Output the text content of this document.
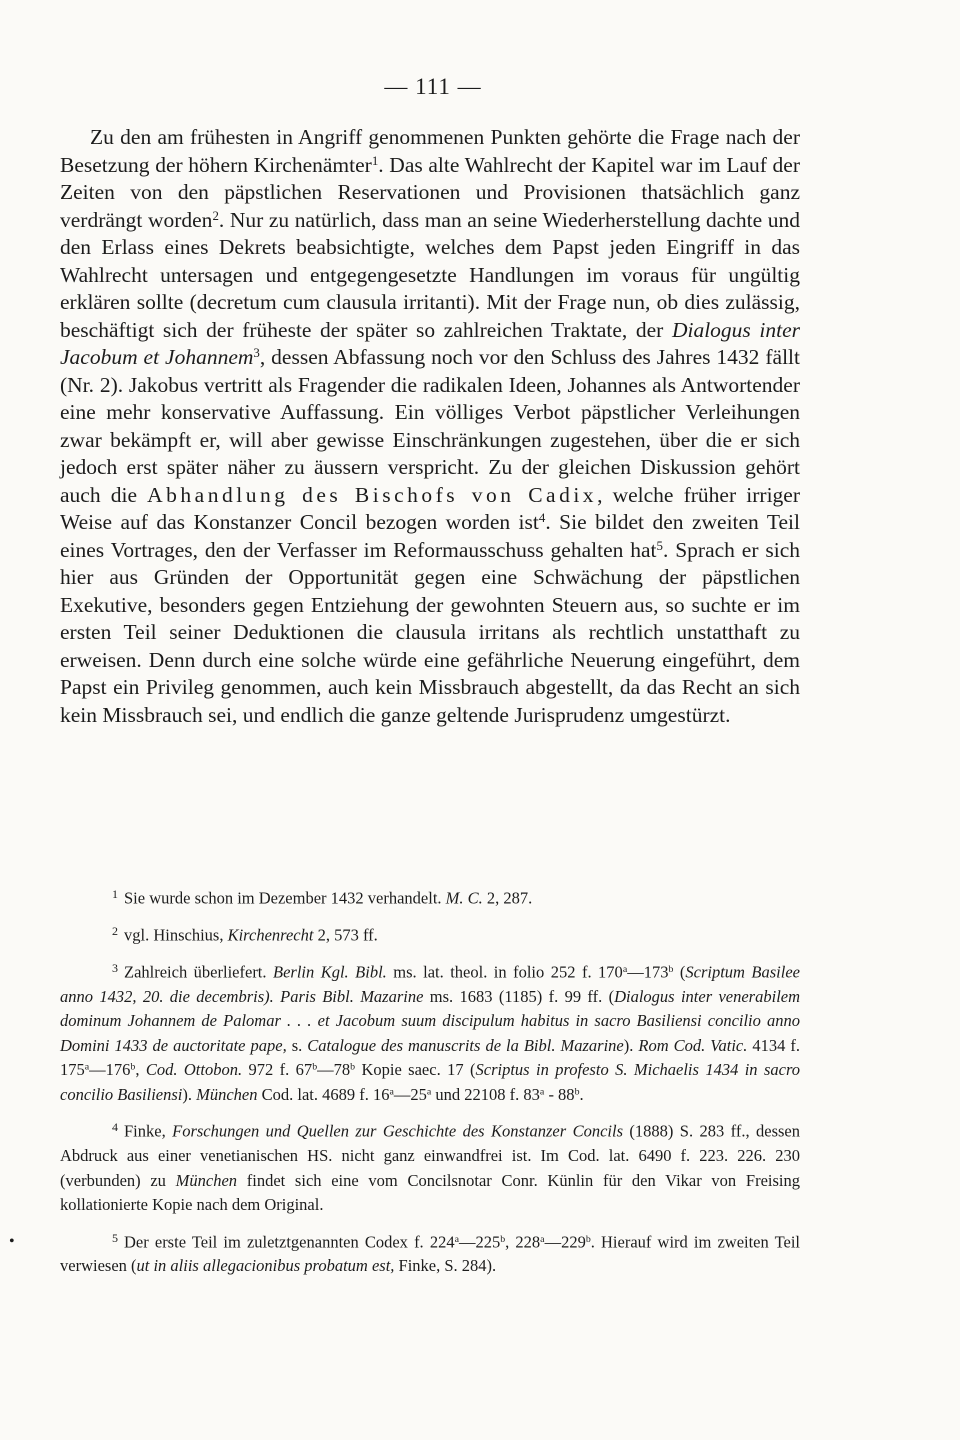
— 111 —

Zu den am frühesten in Angriff genommenen Punkten gehörte die Frage nach der Besetzung der höhern Kirchenämter$^1$. Das alte Wahlrecht der Kapitel war im Lauf der Zeiten von den päpstlichen Reservationen und Provisionen thatsächlich ganz verdrängt worden$^2$. Nur zu natürlich, dass man an seine Wiederherstellung dachte und den Erlass eines Dekrets beabsichtigte, welches dem Papst jeden Eingriff in das Wahlrecht untersagen und entgegengesetzte Handlungen im voraus für ungültig erklären sollte (decretum cum clausula irritanti). Mit der Frage nun, ob dies zulässig, beschäftigt sich der früheste der später so zahlreichen Traktate, der Dialogus inter Jacobum et Johannem$^3$, dessen Abfassung noch vor den Schluss des Jahres 1432 fällt (Nr. 2). Jakobus vertritt als Fragender die radikalen Ideen, Johannes als Antwortender eine mehr konservative Auffassung. Ein völliges Verbot päpstlicher Verleihungen zwar bekämpft er, will aber gewisse Einschränkungen zugestehen, über die er sich jedoch erst später näher zu äussern verspricht. Zu der gleichen Diskussion gehört auch die Abhandlung des Bischofs von Cadix, welche früher irriger Weise auf das Konstanzer Concil bezogen worden ist$^4$. Sie bildet den zweiten Teil eines Vortrages, den der Verfasser im Reformausschuss gehalten hat$^5$. Sprach er sich hier aus Gründen der Opportunität gegen eine Schwächung der päpstlichen Exekutive, besonders gegen Entziehung der gewohnten Steuern aus, so suchte er im ersten Teil seiner Deduktionen die clausula irritans als rechtlich unstatthaft zu erweisen. Denn durch eine solche würde eine gefährliche Neuerung eingeführt, dem Papst ein Privileg genommen, auch kein Missbrauch abgestellt, da das Recht an sich kein Missbrauch sei, und endlich die ganze geltende Jurisprudenz umgestürzt.

$^1$ Sie wurde schon im Dezember 1432 verhandelt. M. C. 2, 287.

$^2$ vgl. Hinschius, Kirchenrecht 2, 573 ff.

$^3$ Zahlreich überliefert. Berlin Kgl. Bibl. ms. lat. theol. in folio 252 f. 170$^a$—173$^b$ (Scriptum Basilee anno 1432, 20. die decembris). Paris Bibl. Mazarine ms. 1683 (1185) f. 99 ff. (Dialogus inter venerabilem dominum Johannem de Palomar . . . et Jacobum suum discipulum habitus in sacro Basiliensi concilio anno Domini 1433 de auctoritate pape, s. Catalogue des manuscrits de la Bibl. Mazarine). Rom Cod. Vatic. 4134 f. 175$^a$—176$^b$, Cod. Ottobon. 972 f. 67$^b$—78$^b$ Kopie saec. 17 (Scriptus in profesto S. Michaelis 1434 in sacro concilio Basiliensi). München Cod. lat. 4689 f. 16$^a$—25$^a$ und 22108 f. 83$^a$ - 88$^b$.

$^4$ Finke, Forschungen und Quellen zur Geschichte des Konstanzer Concils (1888) S. 283 ff., dessen Abdruck aus einer venetianischen HS. nicht ganz einwandfrei ist. Im Cod. lat. 6490 f. 223. 226. 230 (verbunden) zu München findet sich eine vom Concilsnotar Conr. Künlin für den Vikar von Freising kollationierte Kopie nach dem Original.

$^5$ Der erste Teil im zuletztgenannten Codex f. 224$^a$—225$^b$, 228$^a$—229$^b$. Hierauf wird im zweiten Teil verwiesen (ut in aliis allegacionibus probatum est, Finke, S. 284).

•
